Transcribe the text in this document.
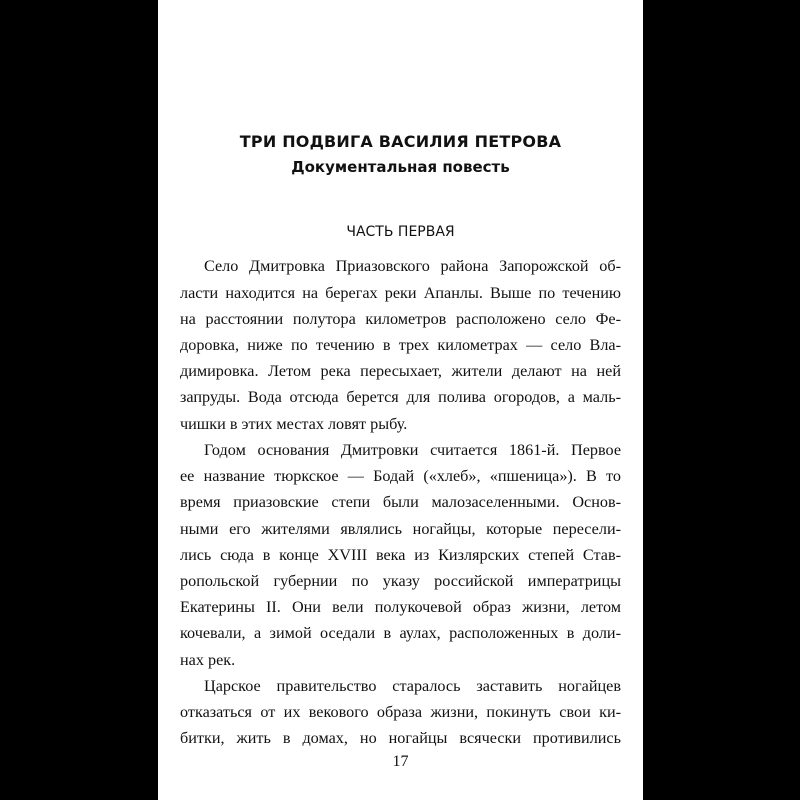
ТРИ ПОДВИГА ВАСИЛИЯ ПЕТРОВА
Документальная повесть
ЧАСТЬ ПЕРВАЯ
Село Дмитровка Приазовского района Запорожской об-
ласти находится на берегах реки Апанлы. Выше по течению
на расстоянии полутора километров расположено село Фе-
доровка, ниже по течению в трех километрах — село Вла-
димировка. Летом река пересыхает, жители делают на ней
запруды. Вода отсюда берется для полива огородов, а маль-
чишки в этих местах ловят рыбу.
Годом основания Дмитровки считается 1861-й. Первое
ее название тюркское — Бодай («хлеб», «пшеница»). В то
время приазовские степи были малозаселенными. Основ-
ными его жителями являлись ногайцы, которые пересели-
лись сюда в конце XVIII века из Кизлярских степей Став-
ропольской губернии по указу российской императрицы
Екатерины II. Они вели полукочевой образ жизни, летом
кочевали, а зимой оседали в аулах, расположенных в доли-
нах рек.
Царское правительство старалось заставить ногайцев
отказаться от их векового образа жизни, покинуть свои ки-
битки, жить в домах, но ногайцы всячески противились
17
